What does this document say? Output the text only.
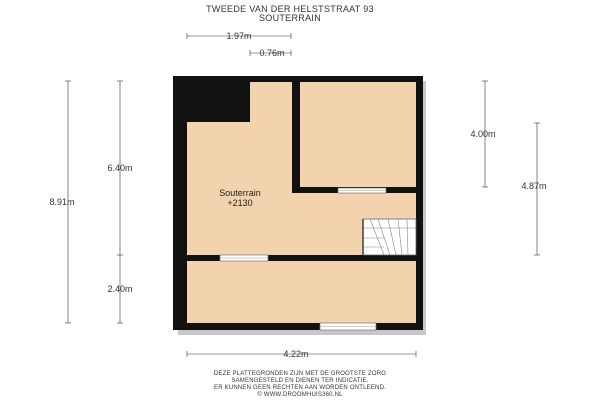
TWEEDE VAN DER HELSTSTRAAT 93
SOUTERRAIN
Souterrain
+2130
1.97m
0.76m
8.91m
6.40m
2.40m
4.00m
4.87m
4.22m
DEZE PLATTEGRONDEN ZIJN MET DE GROOTSTE ZORG
SAMENGESTELD EN DIENEN TER INDICATIE.
ER KUNNEN GEEN RECHTEN AAN WORDEN ONTLEEND.
© WWW.DROOMHUIS360.NL
